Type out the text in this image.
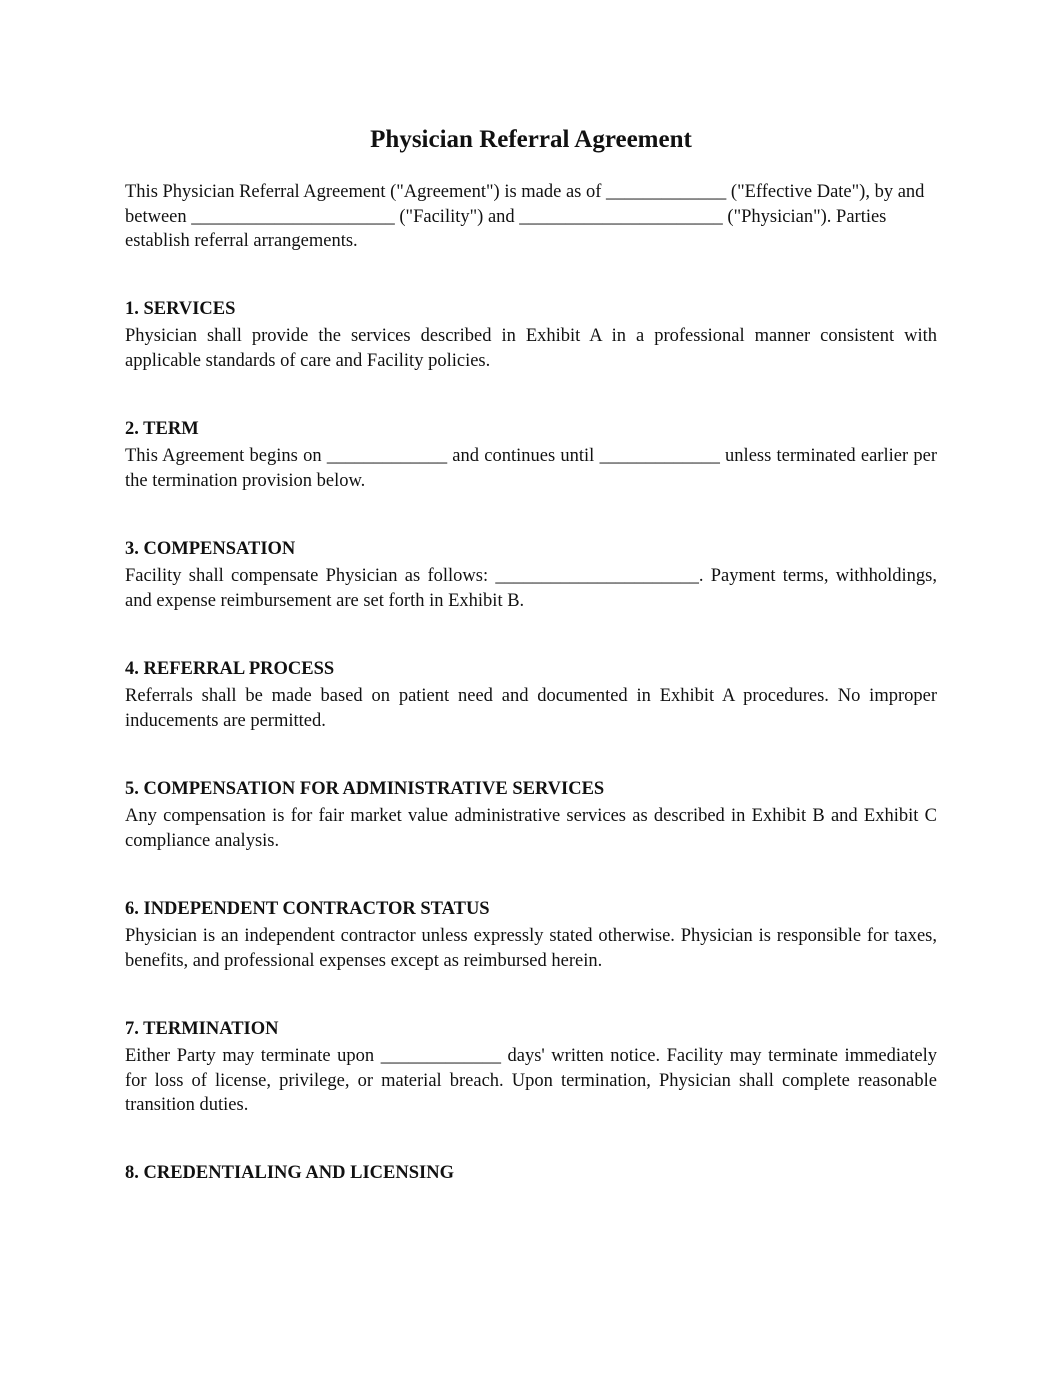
Physician Referral Agreement

This Physician Referral Agreement ("Agreement") is made as of _____________ ("Effective Date"), by and between ______________________ ("Facility") and ______________________ ("Physician"). Parties establish referral arrangements.

1. SERVICES

Physician shall provide the services described in Exhibit A in a professional manner consistent with applicable standards of care and Facility policies.

2. TERM

This Agreement begins on _____________ and continues until _____________ unless terminated earlier per the termination provision below.

3. COMPENSATION

Facility shall compensate Physician as follows: ______________________. Payment terms, withholdings, and expense reimbursement are set forth in Exhibit B.

4. REFERRAL PROCESS

Referrals shall be made based on patient need and documented in Exhibit A procedures. No improper inducements are permitted.

5. COMPENSATION FOR ADMINISTRATIVE SERVICES

Any compensation is for fair market value administrative services as described in Exhibit B and Exhibit C compliance analysis.

6. INDEPENDENT CONTRACTOR STATUS

Physician is an independent contractor unless expressly stated otherwise. Physician is responsible for taxes, benefits, and professional expenses except as reimbursed herein.

7. TERMINATION

Either Party may terminate upon _____________ days' written notice. Facility may terminate immediately for loss of license, privilege, or material breach. Upon termination, Physician shall complete reasonable transition duties.

8. CREDENTIALING AND LICENSING
